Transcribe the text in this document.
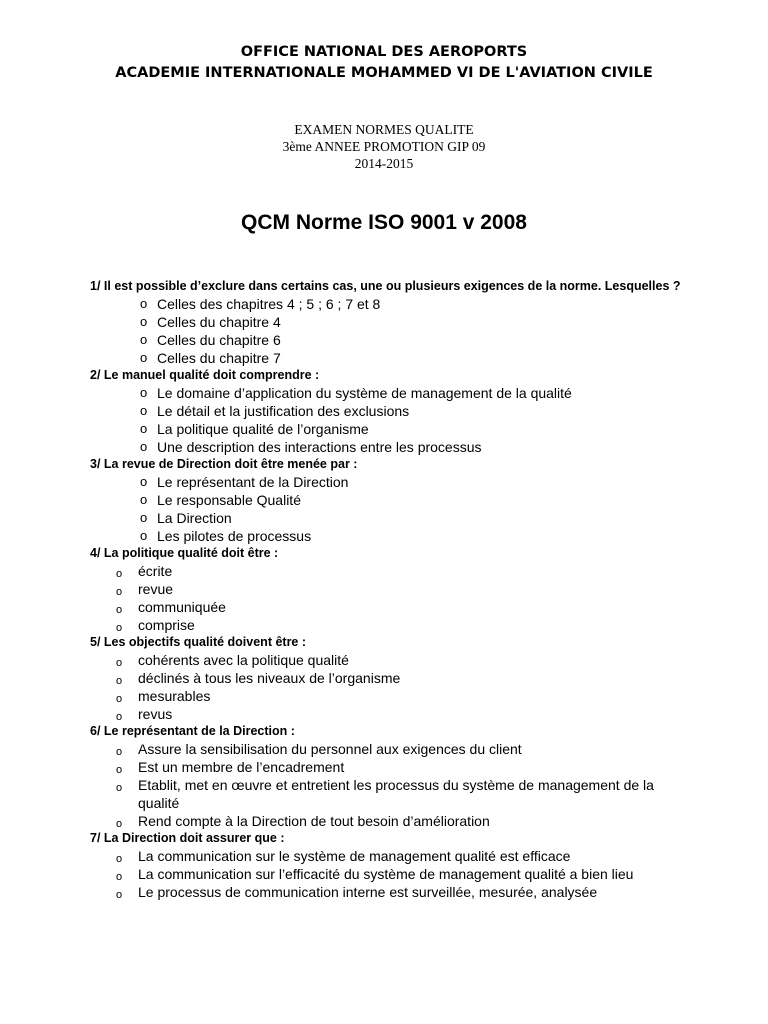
OFFICE NATIONAL DES AEROPORTS
ACADEMIE INTERNATIONALE MOHAMMED VI DE L'AVIATION CIVILE
EXAMEN NORMES QUALITE
3ème ANNEE PROMOTION GIP 09
2014-2015
QCM Norme ISO 9001 v 2008

1/ Il est possible d’exclure dans certains cas, une ou plusieurs exigences de la norme. Lesquelles ?

o Celles des chapitres 4 ; 5 ; 6 ; 7 et 8
o Celles du chapitre 4
o Celles du chapitre 6
o Celles du chapitre 7

2/ Le manuel qualité doit comprendre :

o Le domaine d’application du système de management de la qualité
o Le détail et la justification des exclusions
o La politique qualité de l’organisme
o Une description des interactions entre les processus

3/ La revue de Direction doit être menée par :

o Le représentant de la Direction
o Le responsable Qualité
o La Direction
o Les pilotes de processus

4/ La politique qualité doit être :

o écrite
o revue
o communiquée
o comprise

5/ Les objectifs qualité doivent être :

o cohérents avec la politique qualité
o déclinés à tous les niveaux de l’organisme
o mesurables
o revus

6/ Le représentant de la Direction :

o Assure la sensibilisation du personnel aux exigences du client
o Est un membre de l’encadrement
o Etablit, met en œuvre et entretient les processus du système de management de la qualité
o Rend compte à la Direction de tout besoin d’amélioration

7/ La Direction doit assurer que :

o La communication sur le système de management qualité est efficace
o La communication sur l’efficacité du système de management qualité a bien lieu
o Le processus de communication interne est surveillée, mesurée, analysée
